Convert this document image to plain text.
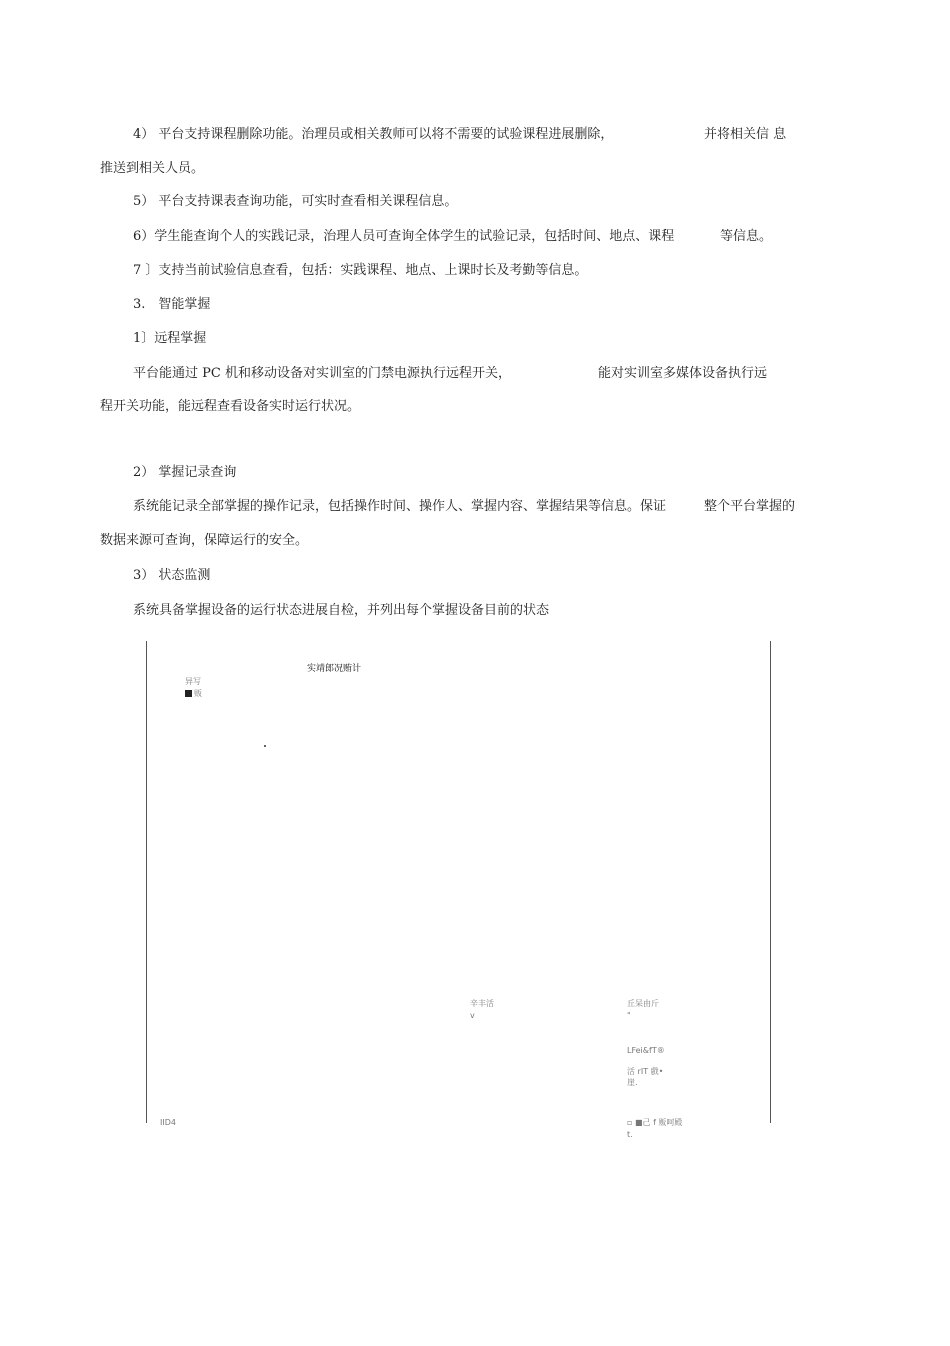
4） 平台支持课程删除功能。治理员或相关教师可以将不需要的试验课程进展删除，	并将相关信 息
推送到相关人员。
5） 平台支持课表查询功能，可实时查看相关课程信息。
6）学生能查询个人的实践记录，治理人员可查询全体学生的试验记录，包括时间、地点、课程	等信息。
7 〕支持当前试验信息查看，包括：实践课程、地点、上课时长及考勤等信息。
3.　智能掌握
1〕远程掌握
平台能通过 PC 机和移动设备对实训室的门禁电源执行远程开关，	能对实训室多媒体设备执行远
程开关功能，能远程查看设备实时运行状况。
2） 掌握记录查询
系统能记录全部掌握的操作记录，包括操作时间、操作人、掌握内容、掌握结果等信息。保证	整个平台掌握的
数据来源可查询，保障运行的安全。
3） 状态监测
系统具备掌握设备的运行状态进展自检，并列出每个掌握设备目前的状态
实靖郎况贿计
异写
贩
辛丰活
v
丘呆由斤
"
LFei&fT®
活 rIT 戲•
崖.
IID4	▫ ■己 f 贩呵殿
t.
